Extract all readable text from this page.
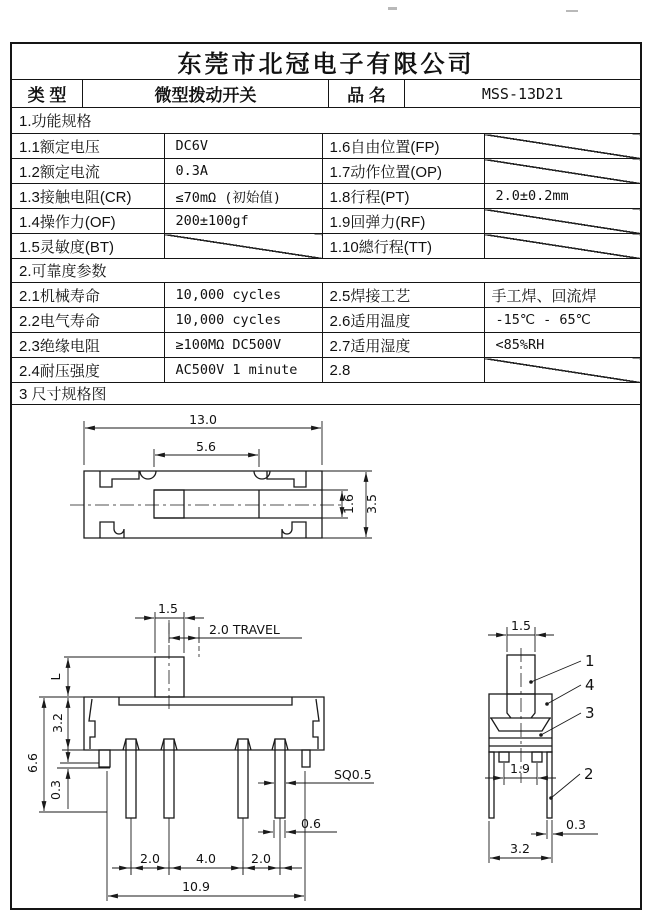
东莞市北冠电子有限公司			

类 型 微型拨动开关 品 名 MSS-13D21			

1.功能规格			
1.1额定电压	DC6V	1.6自由位置(FP)	
1.2额定电流	0.3A	1.7动作位置(OP)	
1.3接触电阻(CR)	≤70mΩ (初始值)	1.8行程(PT)	2.0±0.2mm
1.4操作力(OF)	200±100gf	1.9回弹力(RF)	
1.5灵敏度(BT)		1.10總行程(TT)	
2.可靠度参数			
2.1机械寿命	10,000 cycles	2.5焊接工艺	手工焊、回流焊
2.2电气寿命	10,000 cycles	2.6适用温度	-15℃ - 65℃
2.3绝缘电阻	≥100MΩ DC500V	2.7适用湿度	<85%RH
2.4耐压强度	AC500V 1 minute	2.8	
3 尺寸规格图			

13.0
5.6
1.6 3.5
1.5
2.0 TRAVEL
L
3.2
6.6
0.3
SQ0.5
0.6
2.0	4.0	2.0
10.9
1.5
1.9
0.3
3.2
1
4
3
2
